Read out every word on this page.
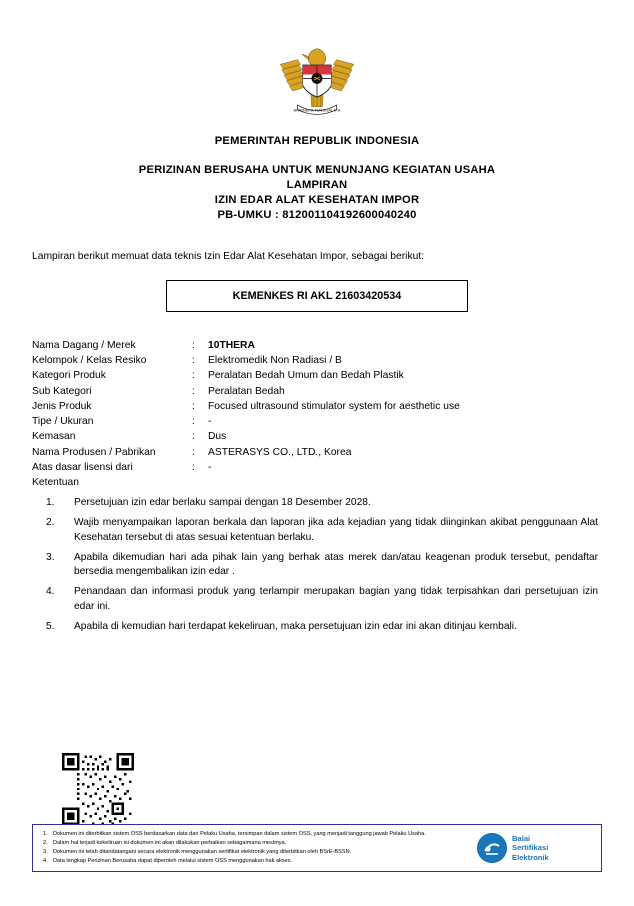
BHINNEKA TUNGGAL IKA
PEMERINTAH REPUBLIK INDONESIA
PERIZINAN BERUSAHA UNTUK MENUNJANG KEGIATAN USAHA
LAMPIRAN
IZIN EDAR ALAT KESEHATAN IMPOR
PB-UMKU : 812001104192600040240
Lampiran berikut memuat data teknis Izin Edar Alat Kesehatan Impor, sebagai berikut:
KEMENKES RI AKL 21603420534
Nama Dagang / Merek	:	10THERA
Kelompok / Kelas Resiko	:	Elektromedik Non Radiasi / B
Kategori Produk	:	Peralatan Bedah Umum dan Bedah Plastik
Sub Kategori	:	Peralatan Bedah
Jenis Produk	:	Focused ultrasound stimulator system for aesthetic use
Tipe / Ukuran	:	-
Kemasan	:	Dus
Nama Produsen / Pabrikan	:	ASTERASYS CO., LTD., Korea
Atas dasar lisensi dari	:	-
Ketentuan		
1.	Persetujuan izin edar berlaku sampai dengan 18 Desember 2028.
2.	Wajib menyampaikan laporan berkala dan laporan jika ada kejadian yang tidak diinginkan akibat penggunaan Alat Kesehatan tersebut di atas sesuai ketentuan berlaku.
3.	Apabila dikemudian hari ada pihak lain yang berhak atas merek dan/atau keagenan produk tersebut, pendaftar bersedia mengembalikan izin edar .
4.	Penandaan dan informasi produk yang terlampir merupakan bagian yang tidak terpisahkan dari persetujuan izin edar ini.
5.	Apabila di kemudian hari terdapat kekeliruan, maka persetujuan izin edar ini akan ditinjau kembali.
1. Dokumen ini diterbitkan sistem OSS berdasarkan data dari Pelaku Usaha, tersimpan dalam sistem OSS, yang menjadi tanggung jawab Pelaku Usaha.
2. Dalam hal terjadi kekeliruan isi dokumen ini akan dilakukan perbaikan sebagaimana mestinya.
3. Dokumen ini telah ditandatangani secara elektronik menggunakan sertifikat elektronik yang diterbitkan oleh BSrE-BSSN.
4. Data lengkap Perizinan Berusaha dapat diperoleh melalui sistem OSS menggunakan hak akses.
Balai
Sertifikasi
Elektronik
